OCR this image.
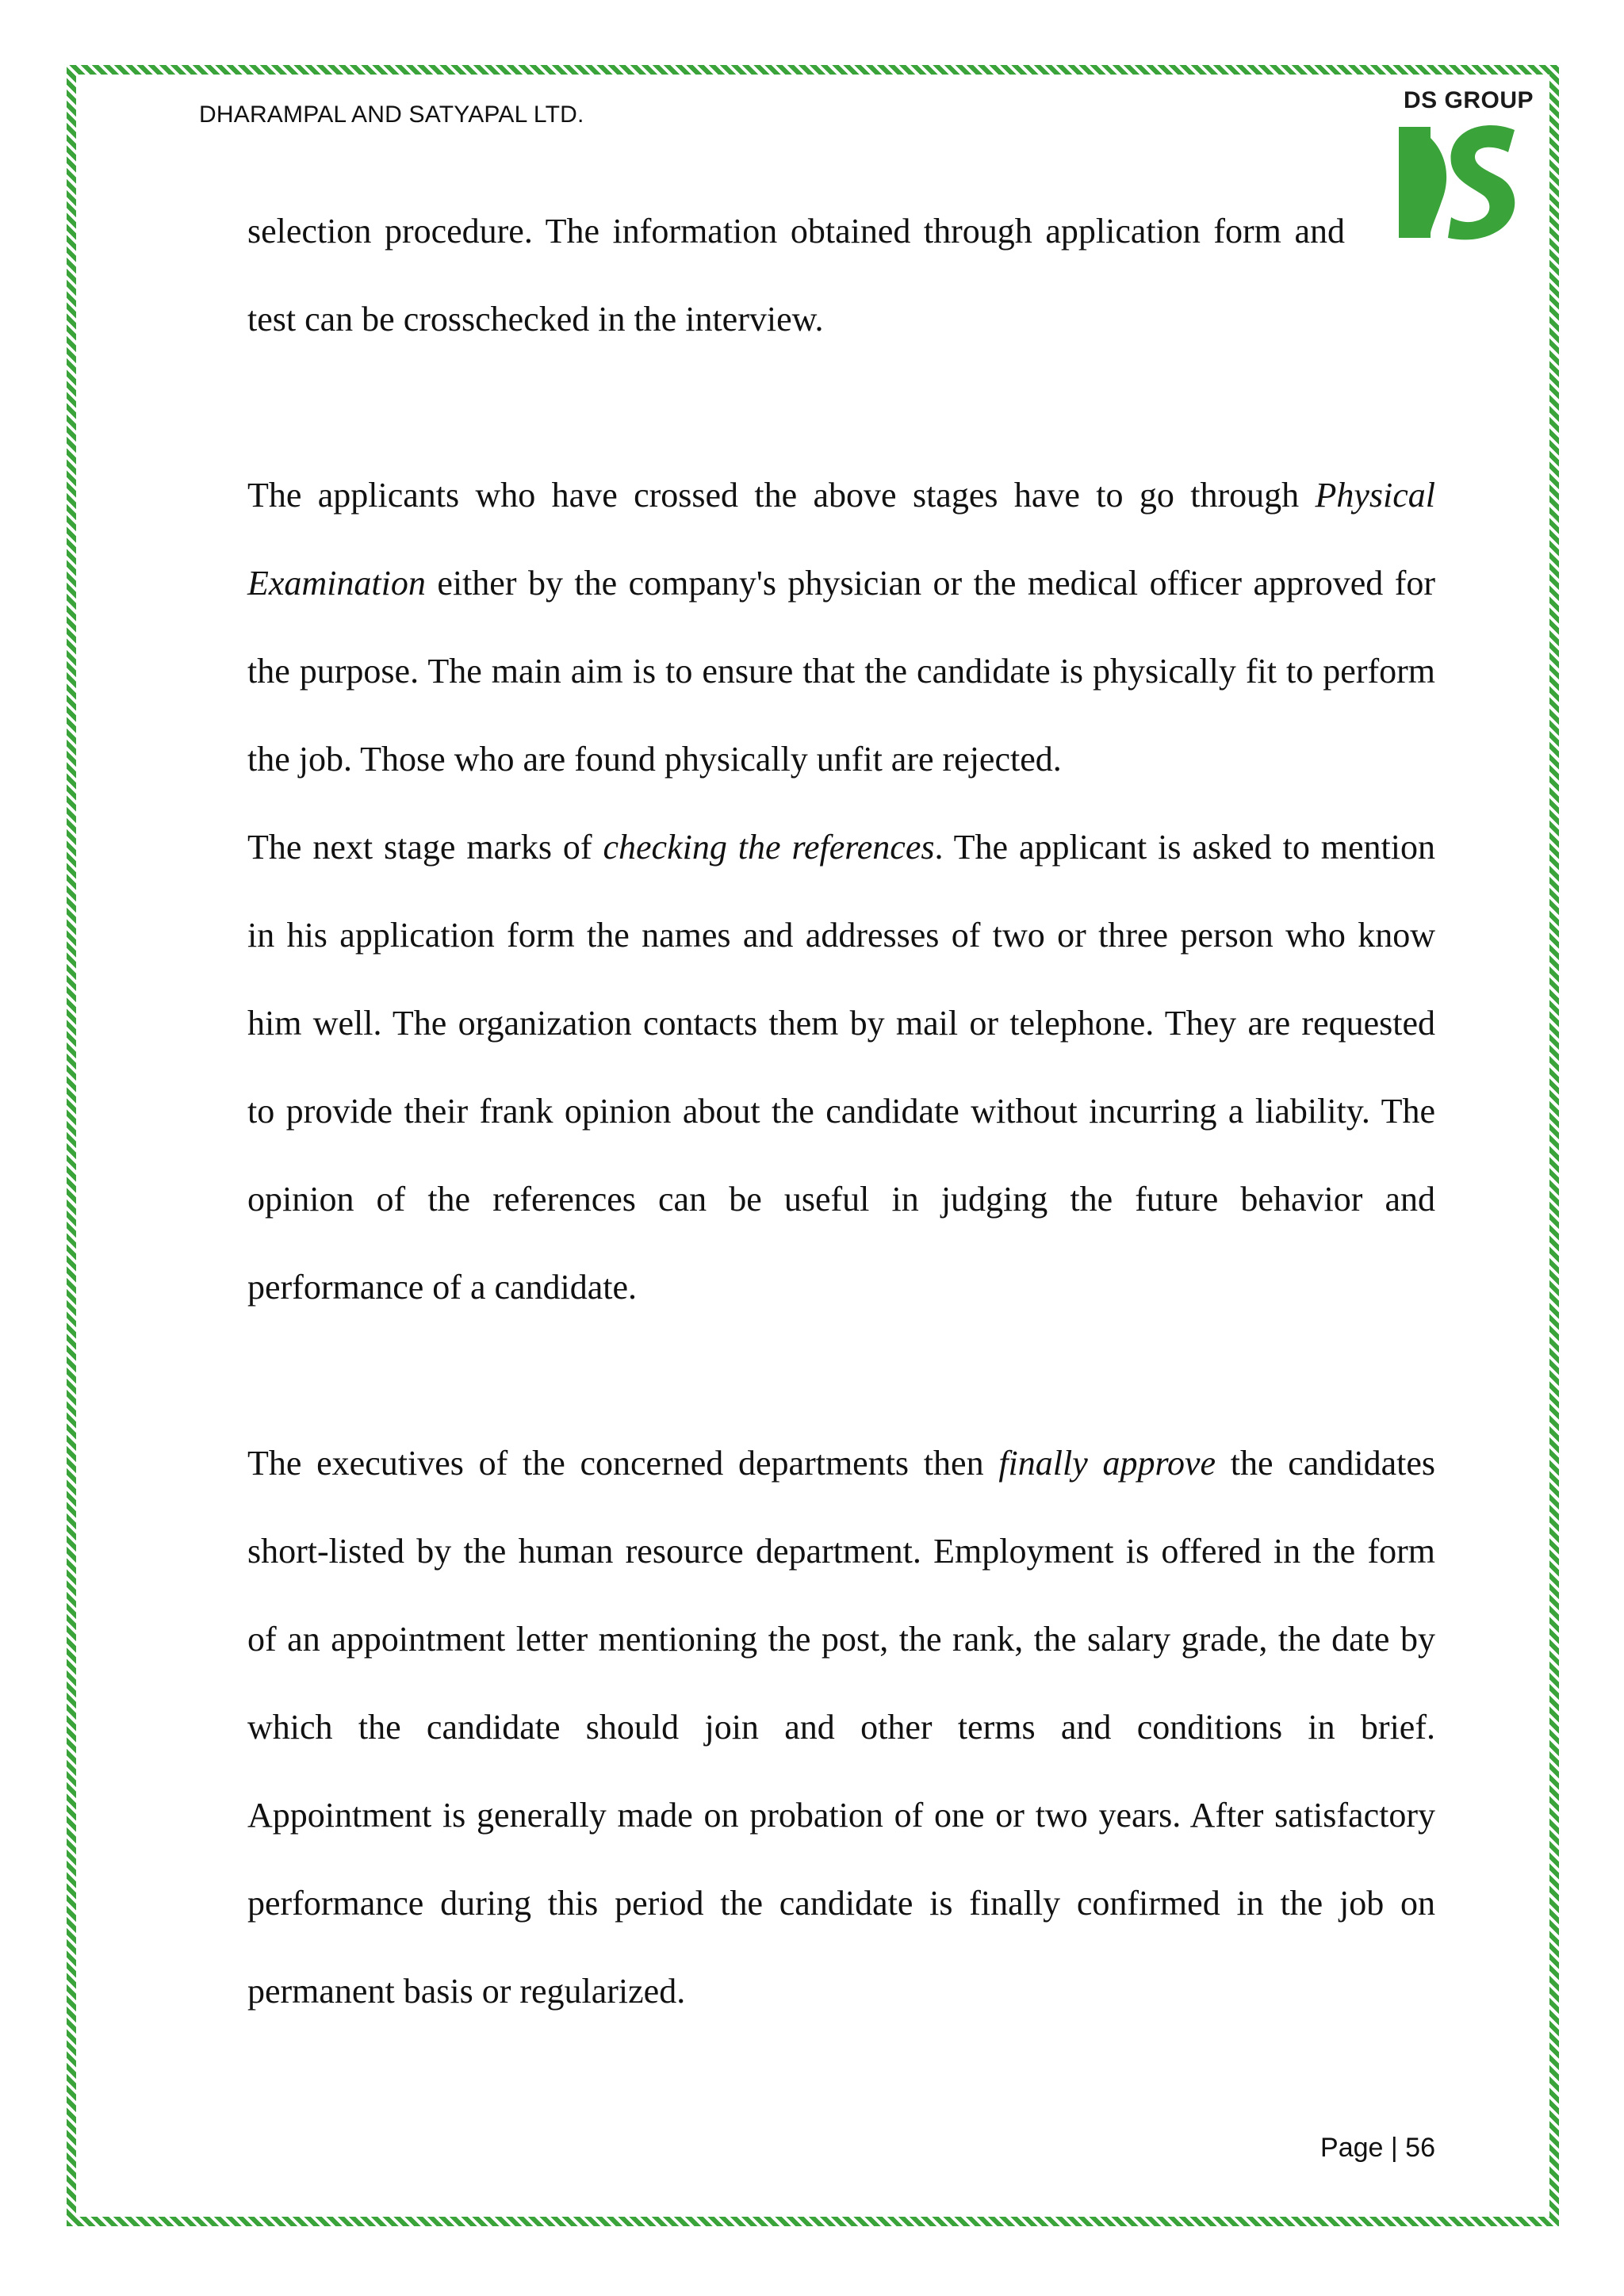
DHARAMPAL AND SATYAPAL LTD.
DS GROUP

selection procedure. The information obtained through application form and test can be crosschecked in the interview.

The applicants who have crossed the above stages have to go through Physical Examination either by the company's physician or the medical officer approved for the purpose. The main aim is to ensure that the candidate is physically fit to perform the job. Those who are found physically unfit are rejected.

The next stage marks of checking the references. The applicant is asked to mention in his application form the names and addresses of two or three person who know him well. The organization contacts them by mail or telephone. They are requested to provide their frank opinion about the candidate without incurring a liability. The opinion of the references can be useful in judging the future behavior and performance of a candidate.

The executives of the concerned departments then finally approve the candidates short-listed by the human resource department. Employment is offered in the form of an appointment letter mentioning the post, the rank, the salary grade, the date by which the candidate should join and other terms and conditions in brief. Appointment is generally made on probation of one or two years. After satisfactory performance during this period the candidate is finally confirmed in the job on permanent basis or regularized.

Page | 56
